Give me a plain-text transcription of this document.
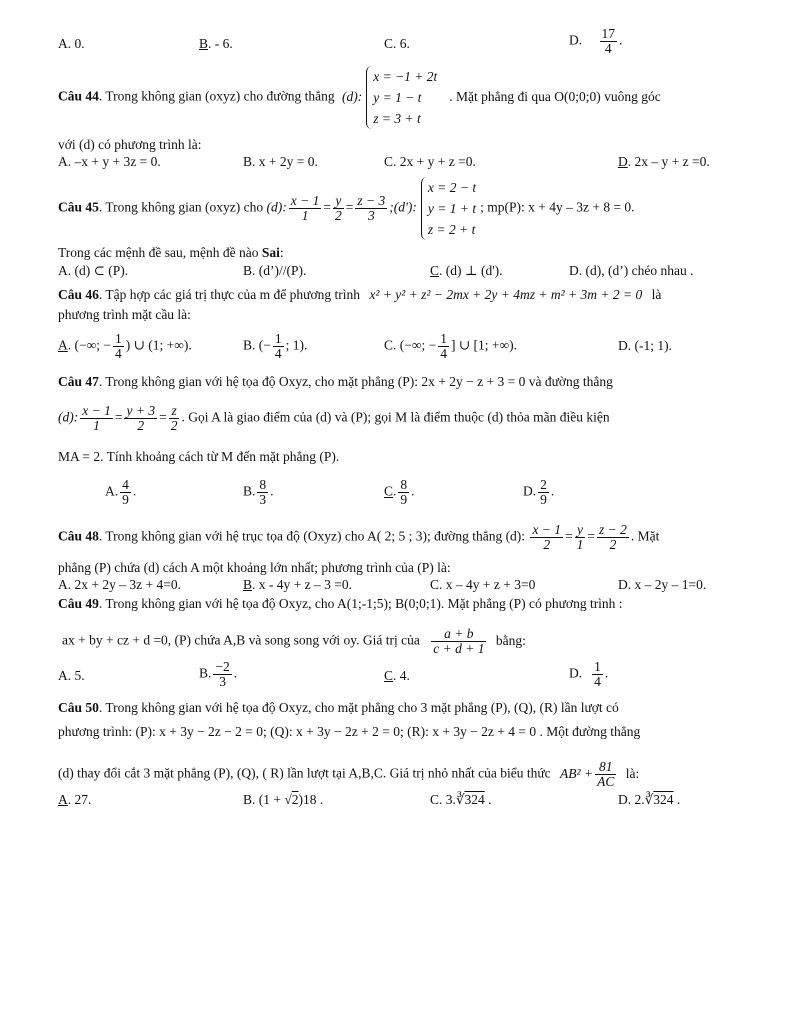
A. 0.	B. - 6.	C. 6.	D. $\frac{17}{4}$ .
Câu 44. Trong không gian (oxyz) cho đường thẳng (d):
x = −1 + 2t
y = 1 − t
z = 3 + t
. Mặt phẳng đi qua O(0;0;0) vuông góc
với (d) có phương trình là:
A. –x + y + 3z = 0.	B. x + 2y = 0.	C. 2x + y + z =0.	D. 2x – y + z =0.
Câu 45. Trong không gian (oxyz) cho (d): $\frac{x - 1}{1} = \frac{y}{2} = \frac{z - 3}{3}$ ;(d'):
x = 2 − t
y = 1 + t
z = 2 + t
; mp(P): x + 4y – 3z + 8 = 0.
Trong các mệnh đề sau, mệnh đề nào Sai:
A. (d) ⊂ (P).	B. (d’)//(P).	C. (d) ⊥ (d').	D. (d), (d’) chéo nhau .
Câu 46. Tập hợp các giá trị thực của m để phương trình x² + y² + z² − 2mx + 2y + 4mz + m² + 3m + 2 = 0 là
phương trình mặt cầu là:
A. (−∞; − $\frac{1}{4}$ ) ∪ (1; +∞).	B. (− $\frac{1}{4}$ ; 1).	C. (−∞; − $\frac{1}{4}$ ] ∪ [1; +∞).	D. (-1; 1).
Câu 47. Trong không gian với hệ tọa độ Oxyz, cho mặt phẳng (P): 2x + 2y − z + 3 = 0 và đường thẳng
(d): $\frac{x - 1}{1} = \frac{y + 3}{2} = \frac{z}{2}$ . Gọi A là giao điểm của (d) và (P); gọi M là điểm thuộc (d) thỏa mãn điều kiện
MA = 2. Tính khoảng cách từ M đến mặt phẳng (P).
A. $\frac{4}{9}$ .	B. $\frac{8}{3}$ .	C. $\frac{8}{9}$ .	D. $\frac{2}{9}$ .
Câu 48. Trong không gian với hệ trục tọa độ (Oxyz) cho A( 2; 5 ; 3); đường thẳng (d): $\frac{x - 1}{2} = \frac{y}{1} = \frac{z - 2}{2}$ . Mặt
phẳng (P) chứa (d) cách A một khoảng lớn nhất; phương trình của (P) là:
A. 2x + 2y – 3z + 4=0.	B. x - 4y + z – 3 =0.	C. x – 4y + z + 3=0	D. x – 2y – 1=0.
Câu 49. Trong không gian với hệ tọa độ Oxyz, cho A(1;-1;5); B(0;0;1). Mặt phẳng (P) có phương trình :
ax + by + cz + d =0, (P) chứa A,B và song song với oy. Giá trị của $\frac{a + b}{c + d + 1}$ bằng:
A. 5.	B. $\frac{-2}{3}$ .	C. 4.	D. $\frac{1}{4}$ .
Câu 50. Trong không gian với hệ tọa độ Oxyz, cho mặt phẳng cho 3 mặt phẳng (P), (Q), (R) lần lượt có
phương trình: (P): x + 3y − 2z − 2 = 0; (Q): x + 3y − 2z + 2 = 0; (R): x + 3y − 2z + 4 = 0 . Một đường thẳng
(d) thay đổi cắt 3 mặt phẳng (P), (Q), ( R) lần lượt tại A,B,C. Giá trị nhỏ nhất của biểu thức $AB^2 + \frac{81}{AC}$ là:
A. 27.	B. (1 + √2)18 .	C. 3.∛324 .	D. 2.∛324 .
